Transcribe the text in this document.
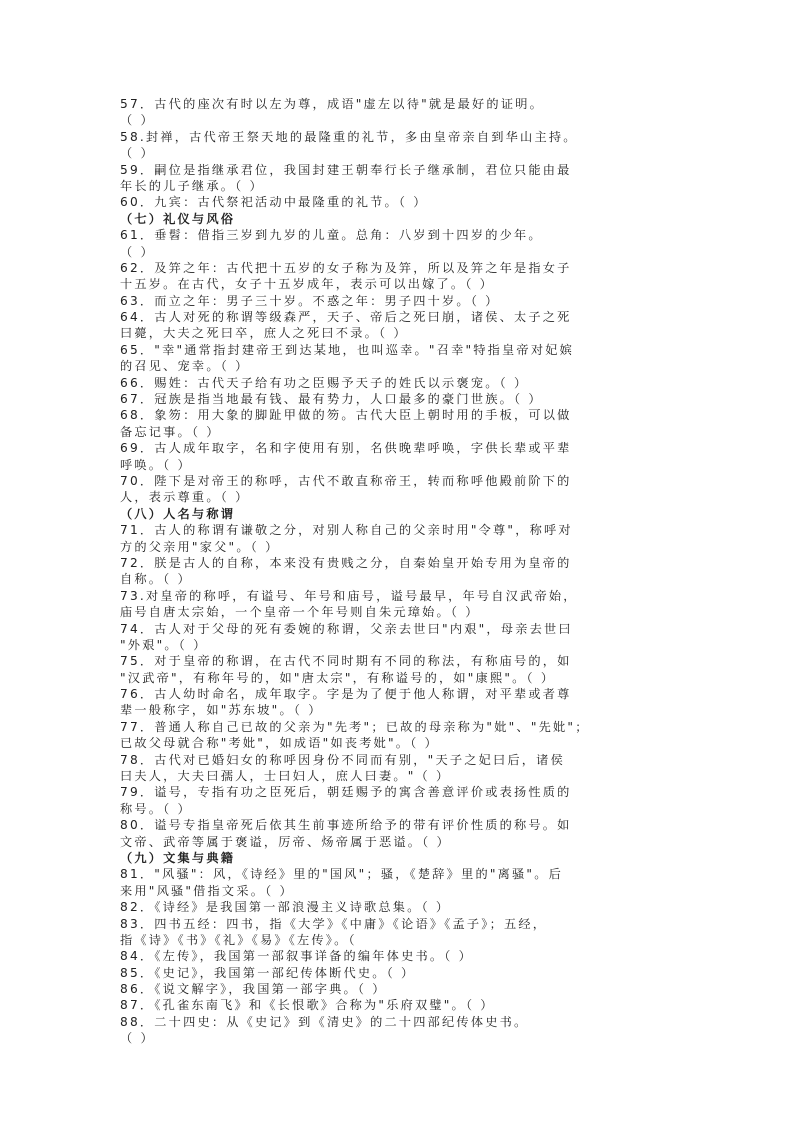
57．古代的座次有时以左为尊，成语"虚左以待"就是最好的证明。
（ ）
58.封禅，古代帝王祭天地的最隆重的礼节，多由皇帝亲自到华山主持。
（ ）
59．嗣位是指继承君位，我国封建王朝奉行长子继承制，君位只能由最
年长的儿子继承。（ ）
60．九宾：古代祭祀活动中最隆重的礼节。（ ）
（七）礼仪与风俗
61．垂髫：借指三岁到九岁的儿童。总角：八岁到十四岁的少年。
（ ）
62．及笄之年：古代把十五岁的女子称为及笄，所以及笄之年是指女子
十五岁。在古代，女子十五岁成年，表示可以出嫁了。（ ）
63．而立之年：男子三十岁。不惑之年：男子四十岁。（ ）
64．古人对死的称谓等级森严，天子、帝后之死曰崩，诸侯、太子之死
曰薨，大夫之死曰卒，庶人之死曰不录。（ ）
65．"幸"通常指封建帝王到达某地，也叫巡幸。"召幸"特指皇帝对妃嫔
的召见、宠幸。（ ）
66．赐姓：古代天子给有功之臣赐予天子的姓氏以示褒宠。（ ）
67．冠族是指当地最有钱、最有势力，人口最多的豪门世族。（ ）
68．象笏：用大象的脚趾甲做的笏。古代大臣上朝时用的手板，可以做
备忘记事。（ ）
69．古人成年取字，名和字使用有别，名供晚辈呼唤，字供长辈或平辈
呼唤。（ ）
70．陛下是对帝王的称呼，古代不敢直称帝王，转而称呼他殿前阶下的
人，表示尊重。（ ）
（八）人名与称谓
71．古人的称谓有谦敬之分，对别人称自己的父亲时用"令尊"，称呼对
方的父亲用"家父"。（ ）
72．朕是古人的自称，本来没有贵贱之分，自秦始皇开始专用为皇帝的
自称。（ ）
73.对皇帝的称呼，有谥号、年号和庙号，谥号最早，年号自汉武帝始，
庙号自唐太宗始，一个皇帝一个年号则自朱元璋始。（ ）
74．古人对于父母的死有委婉的称谓，父亲去世曰"内艰"，母亲去世曰
"外艰"。（ ）
75．对于皇帝的称谓，在古代不同时期有不同的称法，有称庙号的，如
"汉武帝"，有称年号的，如"唐太宗"，有称谥号的，如"康熙"。（ ）
76．古人幼时命名，成年取字。字是为了便于他人称谓，对平辈或者尊
辈一般称字，如"苏东坡"。（ ）
77．普通人称自己已故的父亲为"先考"；已故的母亲称为"妣"、"先妣"；
已故父母就合称"考妣"，如成语"如丧考妣"。（ ）
78．古代对已婚妇女的称呼因身份不同而有别，"天子之妃曰后，诸侯
曰夫人，大夫曰孺人，士曰妇人，庶人曰妻。"（ ）
79．谥号，专指有功之臣死后，朝廷赐予的寓含善意评价或表扬性质的
称号。（ ）
80．谥号专指皇帝死后依其生前事迹所给予的带有评价性质的称号。如
文帝、武帝等属于褒谥，厉帝、炀帝属于恶谥。（ ）
（九）文集与典籍
81．"风骚"：风，《诗经》里的"国风"；骚，《楚辞》里的"离骚"。后
来用"风骚"借指文采。（ ）
82．《诗经》是我国第一部浪漫主义诗歌总集。（ ）
83．四书五经：四书，指《大学》《中庸》《论语》《孟子》；五经，
指《诗》《书》《礼》《易》《左传》。（
84．《左传》，我国第一部叙事详备的编年体史书。（ ）
85．《史记》，我国第一部纪传体断代史。（ ）
86．《说文解字》，我国第一部字典。（ ）
87．《孔雀东南飞》和《长恨歌》合称为"乐府双璧"。（ ）
88．二十四史：从《史记》到《清史》的二十四部纪传体史书。
（ ）
